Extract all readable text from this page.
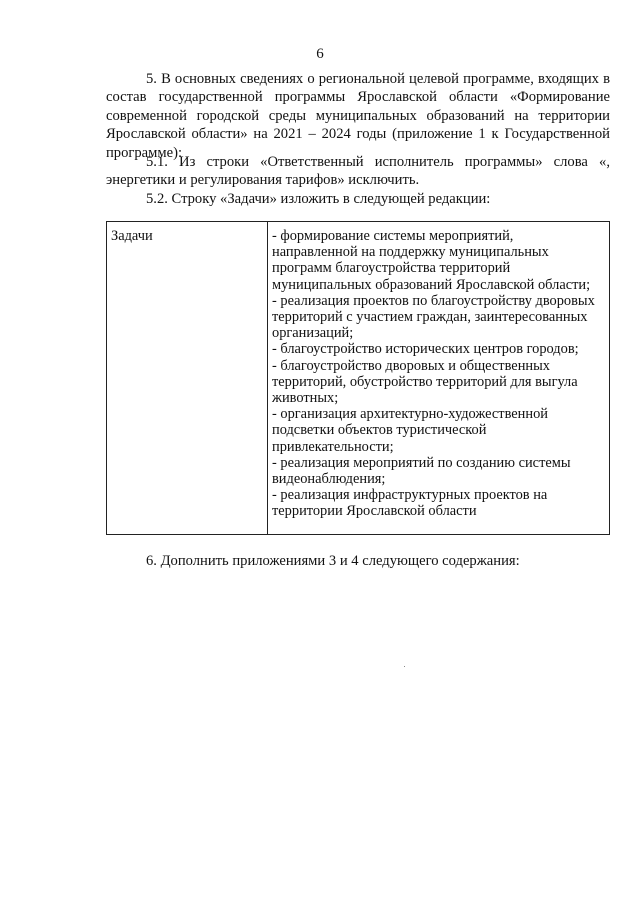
6

5. В основных сведениях о региональной целевой программе, входящих в состав государственной программы Ярославской области «Формирование современной городской среды муниципальных образований на территории Ярославской области» на 2021 – 2024 годы (приложение 1 к Государственной программе):

5.1. Из строки «Ответственный исполнитель программы» слова «, энергетики и регулирования тарифов» исключить.

5.2. Строку «Задачи» изложить в следующей редакции:

Задачи	- формирование системы мероприятий,
направленной на поддержку муниципальных
программ благоустройства территорий
муниципальных образований Ярославской области;
- реализация проектов по благоустройству дворовых
территорий с участием граждан, заинтересованных
организаций;
- благоустройство исторических центров городов;
- благоустройство дворовых и общественных
территорий, обустройство территорий для выгула
животных;
- организация архитектурно-художественной
подсветки объектов туристической
привлекательности;
- реализация мероприятий по созданию системы
видеонаблюдения;
- реализация инфраструктурных проектов на
территории Ярославской области

6. Дополнить приложениями 3 и 4 следующего содержания:
